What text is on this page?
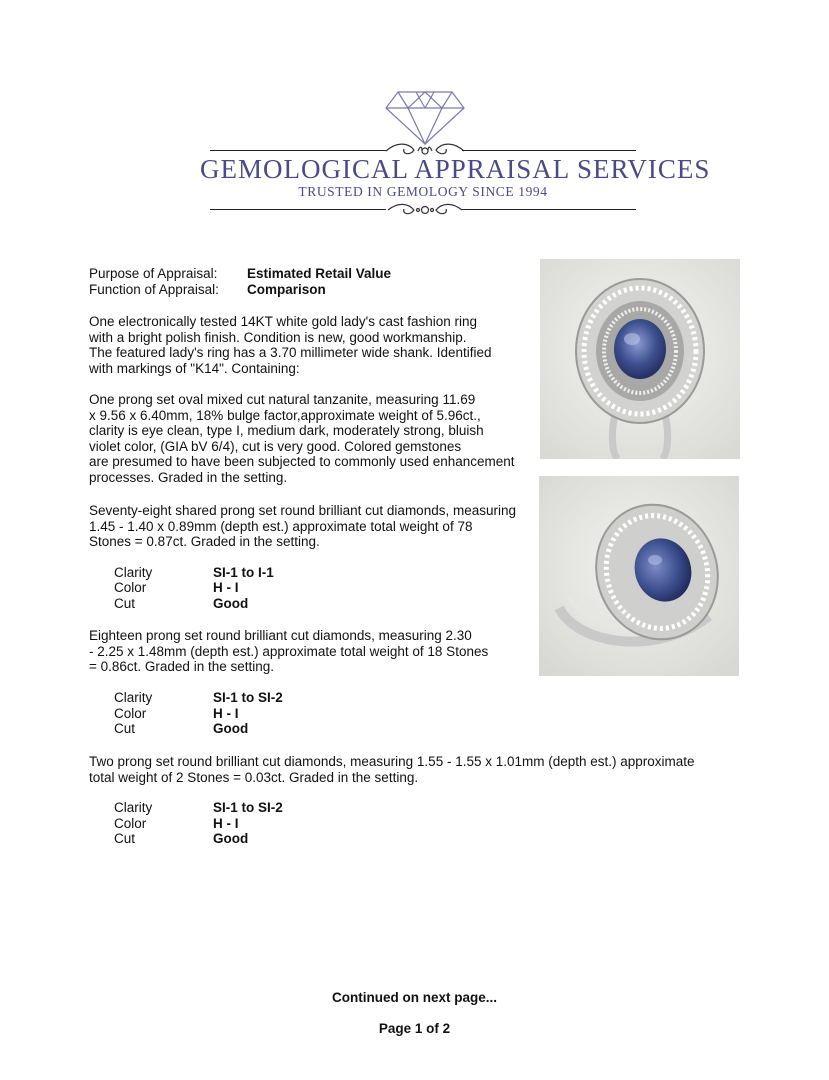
GEMOLOGICAL APPRAISAL SERVICES
TRUSTED IN GEMOLOGY SINCE 1994
Purpose of Appraisal: Estimated Retail Value
Function of Appraisal: Comparison
One electronically tested 14KT white gold lady's cast fashion ring
with a bright polish finish. Condition is new, good workmanship.
The featured lady's ring has a 3.70 millimeter wide shank. Identified
with markings of "K14". Containing:
One prong set oval mixed cut natural tanzanite, measuring 11.69
x 9.56 x 6.40mm, 18% bulge factor,approximate weight of 5.96ct.,
clarity is eye clean, type I, medium dark, moderately strong, bluish
violet color, (GIA bV 6/4), cut is very good. Colored gemstones
are presumed to have been subjected to commonly used enhancement
processes. Graded in the setting.
Seventy-eight shared prong set round brilliant cut diamonds, measuring
1.45 - 1.40 x 0.89mm (depth est.) approximate total weight of 78
Stones = 0.87ct. Graded in the setting.
Clarity	SI-1 to I-1
Color	H - I
Cut	Good
Eighteen prong set round brilliant cut diamonds, measuring 2.30
- 2.25 x 1.48mm (depth est.) approximate total weight of 18 Stones
= 0.86ct. Graded in the setting.
Clarity	SI-1 to SI-2
Color	H - I
Cut	Good
Two prong set round brilliant cut diamonds, measuring 1.55 - 1.55 x 1.01mm (depth est.) approximate
total weight of 2 Stones = 0.03ct. Graded in the setting.
Clarity	SI-1 to SI-2
Color	H - I
Cut	Good
Continued on next page...
Page 1 of 2
